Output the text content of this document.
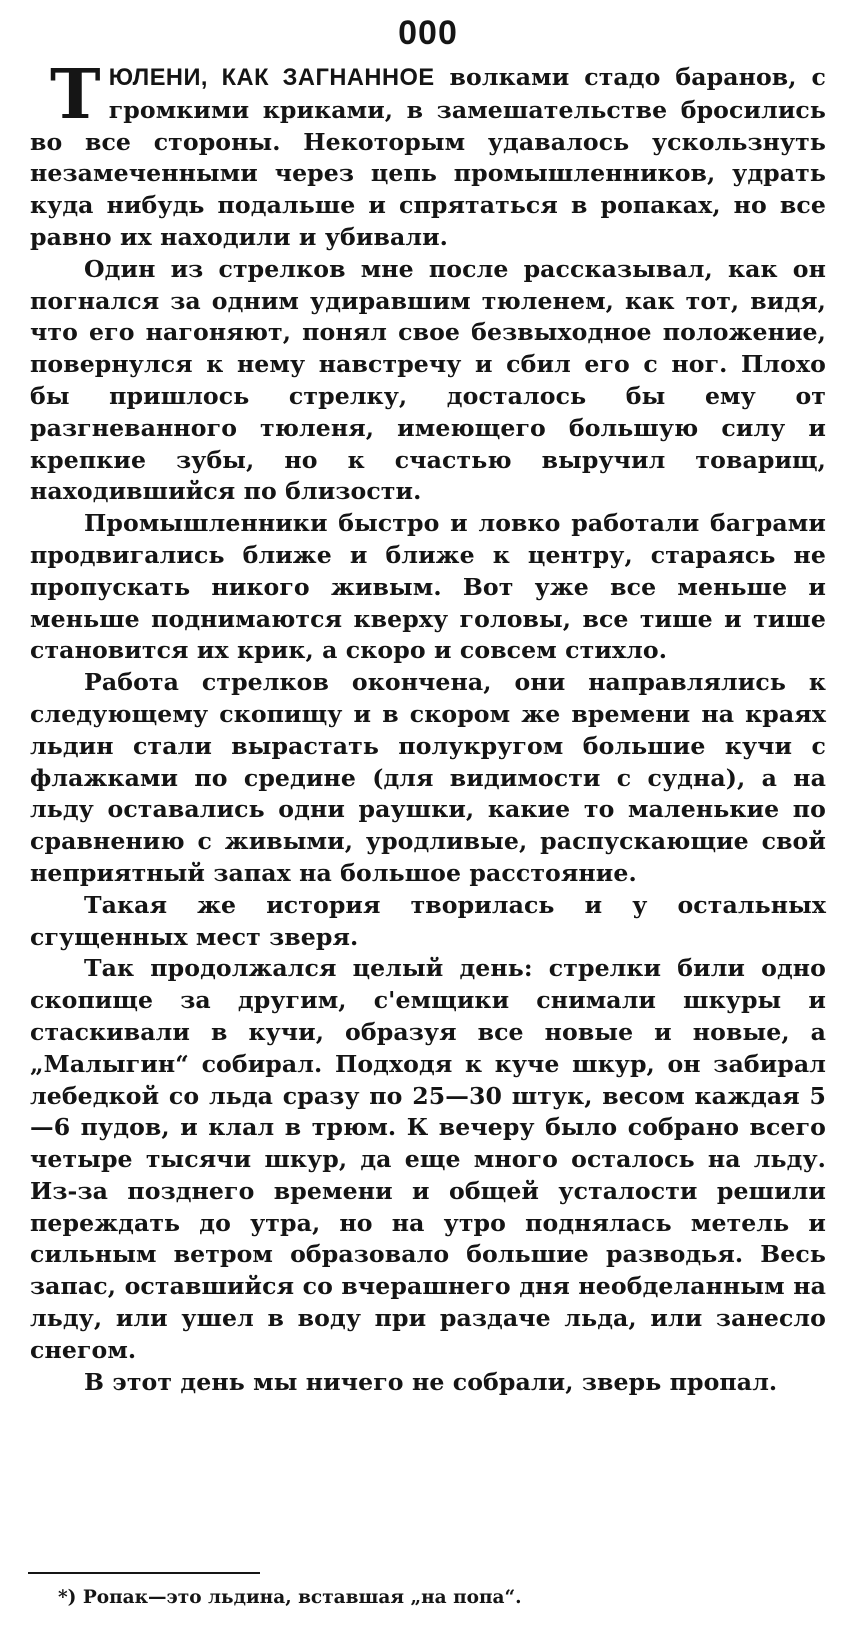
000

ТЮЛЕНИ, КАК ЗАГНАННОЕ волками стадо баранов, с громкими криками, в замешательстве бросились во все стороны. Некоторым удавалось ускользнуть незамеченными через цепь промышленников, удрать куда нибудь подальше и спрятаться в ропаках, но все равно их находили и убивали.

Один из стрелков мне после рассказывал, как он погнался за одним удиравшим тюленем, как тот, видя, что его нагоняют, понял свое безвыходное положение, повернулся к нему навстречу и сбил его с ног. Плохо бы пришлось стрелку, досталось бы ему от разгневанного тюленя, имеющего большую силу и крепкие зубы, но к счастью выручил товарищ, находившийся по близости.

Промышленники быстро и ловко работали баграми продвигались ближе и ближе к центру, стараясь не пропускать никого живым. Вот уже все меньше и меньше поднимаются кверху головы, все тише и тише становится их крик, а скоро и совсем стихло.

Работа стрелков окончена, они направлялись к следующему скопищу и в скором же времени на краях льдин стали вырастать полукругом большие кучи с флажками по средине (для видимости с судна), а на льду оставались одни раушки, какие то маленькие по сравнению с живыми, уродливые, распускающие свой неприятный запах на большое расстояние.

Такая же история творилась и у остальных сгущенных мест зверя.

Так продолжался целый день: стрелки били одно скопище за другим, с'емщики снимали шкуры и стаскивали в кучи, образуя все новые и новые, а „Малыгин“ собирал. Подходя к куче шкур, он забирал лебедкой со льда сразу по 25—30 штук, весом каждая 5—6 пудов, и клал в трюм. К вечеру было собрано всего четыре тысячи шкур, да еще много осталось на льду. Из-за позднего времени и общей усталости решили переждать до утра, но на утро поднялась метель и сильным ветром образовало большие разводья. Весь запас, оставшийся со вчерашнего дня необделанным на льду, или ушел в воду при раздаче льда, или занесло снегом.

В этот день мы ничего не собрали, зверь пропал.

*) Ропак—это льдина, вставшая „на попа“.
